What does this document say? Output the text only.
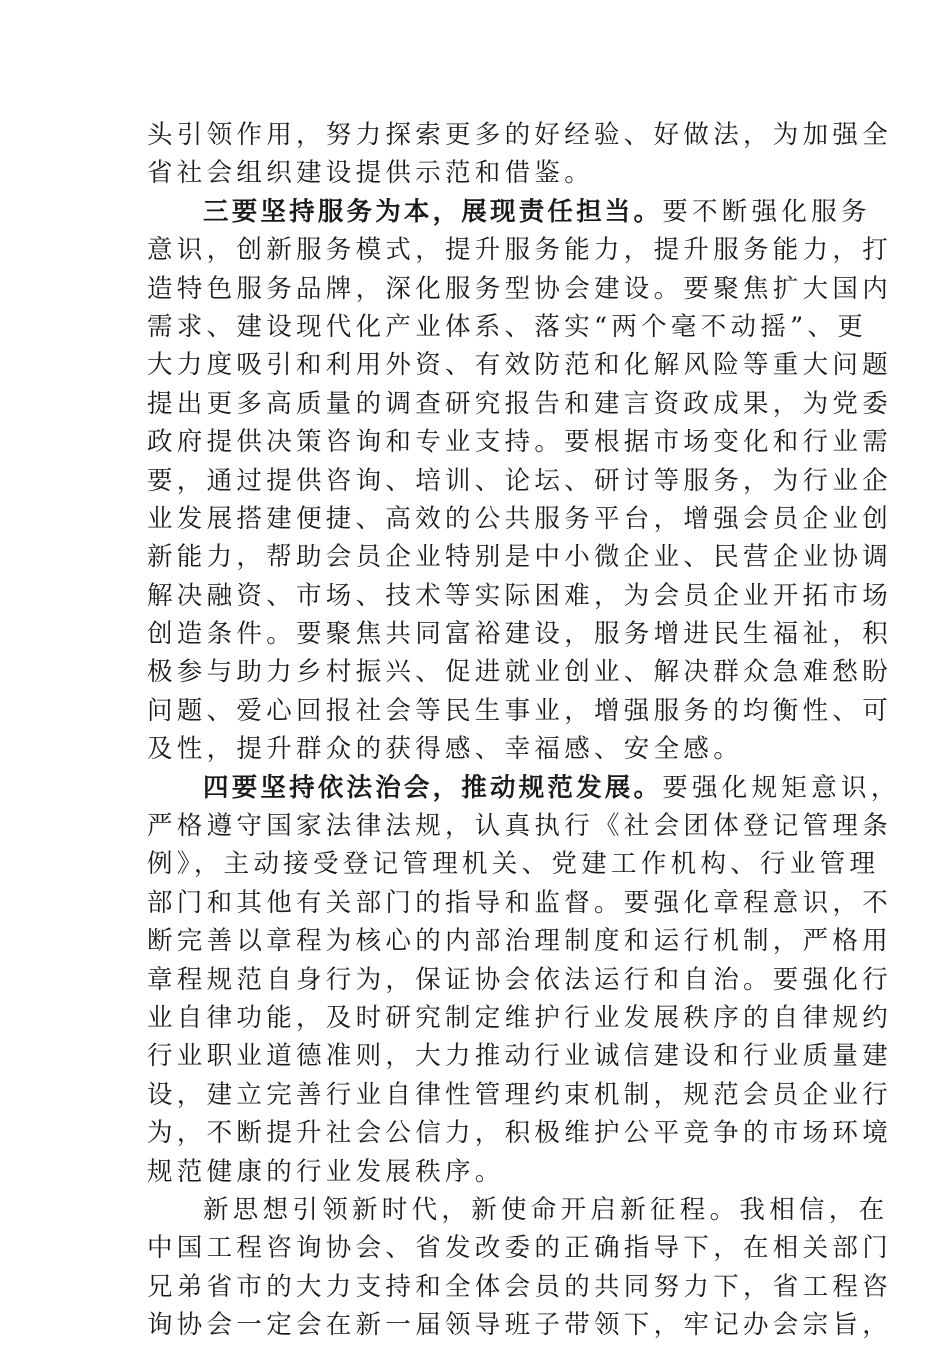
头引领作用，努力探索更多的好经验、好做法，为加强全
省社会组织建设提供示范和借鉴。
三要坚持服务为本，展现责任担当。要不断强化服务
意识，创新服务模式，提升服务能力，提升服务能力，打
造特色服务品牌，深化服务型协会建设。要聚焦扩大国内
需求、建设现代化产业体系、落实“两个毫不动摇”、更
大力度吸引和利用外资、有效防范和化解风险等重大问题
提出更多高质量的调查研究报告和建言资政成果，为党委
政府提供决策咨询和专业支持。要根据市场变化和行业需
要，通过提供咨询、培训、论坛、研讨等服务，为行业企
业发展搭建便捷、高效的公共服务平台，增强会员企业创
新能力，帮助会员企业特别是中小微企业、民营企业协调
解决融资、市场、技术等实际困难，为会员企业开拓市场
创造条件。要聚焦共同富裕建设，服务增进民生福祉，积
极参与助力乡村振兴、促进就业创业、解决群众急难愁盼
问题、爱心回报社会等民生事业，增强服务的均衡性、可
及性，提升群众的获得感、幸福感、安全感。
四要坚持依法治会，推动规范发展。要强化规矩意识，
严格遵守国家法律法规，认真执行《社会团体登记管理条
例》，主动接受登记管理机关、党建工作机构、行业管理
部门和其他有关部门的指导和监督。要强化章程意识，不
断完善以章程为核心的内部治理制度和运行机制，严格用
章程规范自身行为，保证协会依法运行和自治。要强化行
业自律功能，及时研究制定维护行业发展秩序的自律规约
行业职业道德准则，大力推动行业诚信建设和行业质量建
设，建立完善行业自律性管理约束机制，规范会员企业行
为，不断提升社会公信力，积极维护公平竞争的市场环境
规范健康的行业发展秩序。
新思想引领新时代，新使命开启新征程。我相信，在
中国工程咨询协会、省发改委的正确指导下，在相关部门
兄弟省市的大力支持和全体会员的共同努力下，省工程咨
询协会一定会在新一届领导班子带领下，牢记办会宗旨，
